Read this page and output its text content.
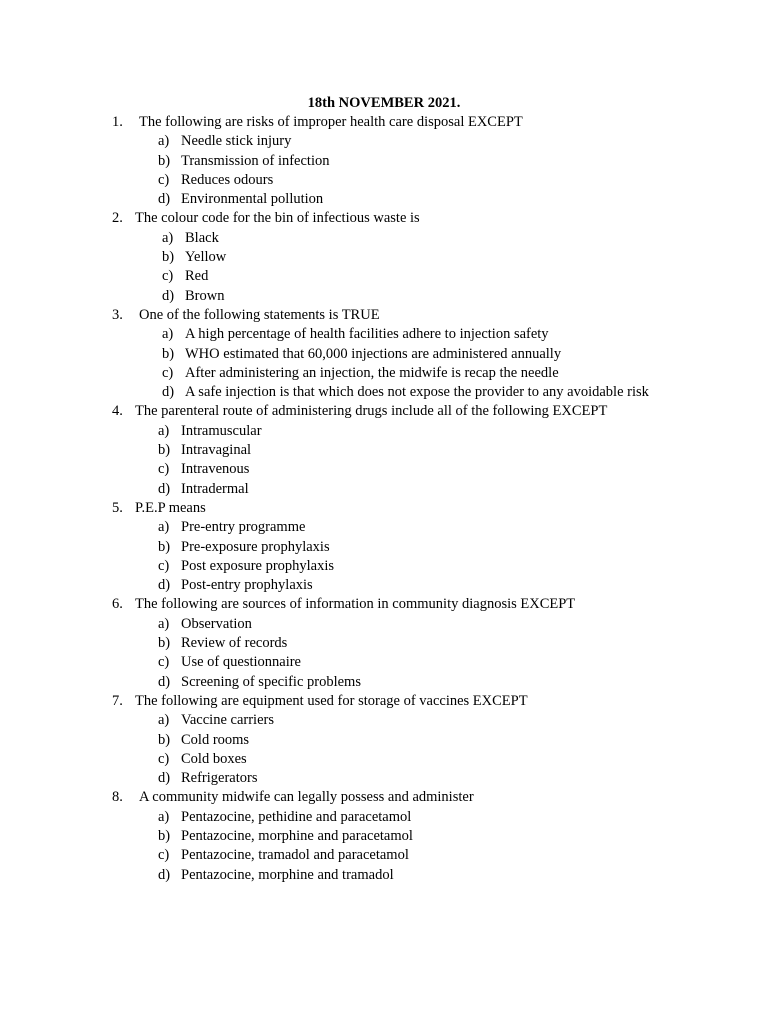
18th NOVEMBER 2021.
1. The following are risks of improper health care disposal EXCEPT
a) Needle stick injury
b) Transmission of infection
c) Reduces odours
d) Environmental pollution
2. The colour code for the bin of infectious waste is
a) Black
b) Yellow
c) Red
d) Brown
3. One of the following statements is TRUE
a) A high percentage of health facilities adhere to injection safety
b) WHO estimated that 60,000 injections are administered annually
c) After administering an injection, the midwife is recap the needle
d) A safe injection is that which does not expose the provider to any avoidable risk
4. The parenteral route of administering drugs include all of the following EXCEPT
a) Intramuscular
b) Intravaginal
c) Intravenous
d) Intradermal
5. P.E.P means
a) Pre-entry programme
b) Pre-exposure prophylaxis
c) Post exposure prophylaxis
d) Post-entry prophylaxis
6. The following are sources of information in community diagnosis EXCEPT
a) Observation
b) Review of records
c) Use of questionnaire
d) Screening of specific problems
7. The following are equipment used for storage of vaccines EXCEPT
a) Vaccine carriers
b) Cold rooms
c) Cold boxes
d) Refrigerators
8. A community midwife can legally possess and administer
a) Pentazocine, pethidine and paracetamol
b) Pentazocine, morphine and paracetamol
c) Pentazocine, tramadol and paracetamol
d) Pentazocine, morphine and tramadol
